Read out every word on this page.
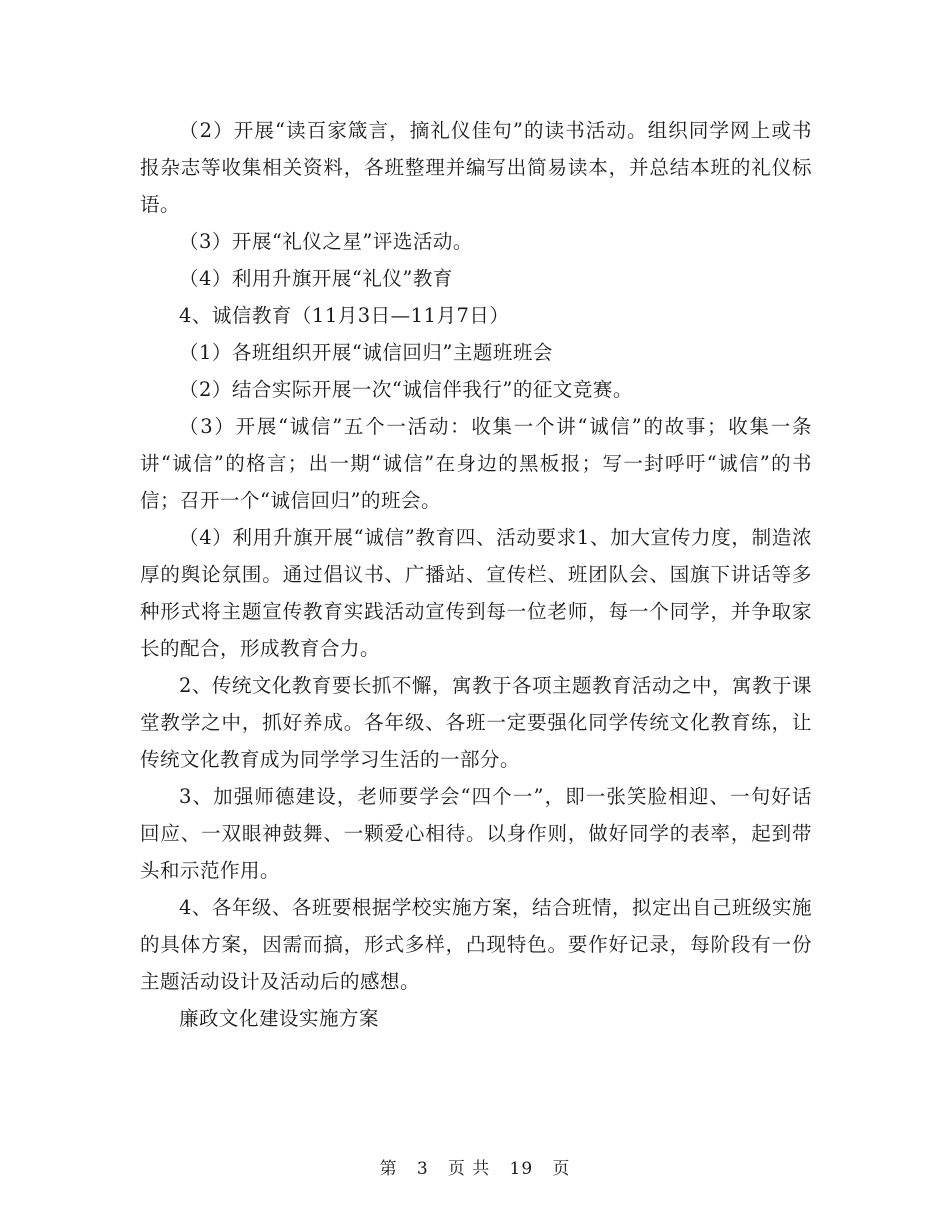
（2）开展“读百家箴言，摘礼仪佳句”的读书活动。组织同学网上或书报杂志等收集相关资料，各班整理并编写出简易读本，并总结本班的礼仪标语。

（3）开展“礼仪之星”评选活动。

（4）利用升旗开展“礼仪”教育

4、诚信教育（11月3日—11月7日）

（1）各班组织开展“诚信回归”主题班班会

（2）结合实际开展一次“诚信伴我行”的征文竞赛。

（3）开展“诚信”五个一活动：收集一个讲“诚信”的故事；收集一条讲“诚信”的格言；出一期“诚信”在身边的黑板报；写一封呼吁“诚信”的书信；召开一个“诚信回归”的班会。

（4）利用升旗开展“诚信”教育四、活动要求1、加大宣传力度，制造浓厚的舆论氛围。通过倡议书、广播站、宣传栏、班团队会、国旗下讲话等多种形式将主题宣传教育实践活动宣传到每一位老师，每一个同学，并争取家长的配合，形成教育合力。

2、传统文化教育要长抓不懈，寓教于各项主题教育活动之中，寓教于课堂教学之中，抓好养成。各年级、各班一定要强化同学传统文化教育练，让传统文化教育成为同学学习生活的一部分。

3、加强师德建设，老师要学会“四个一”，即一张笑脸相迎、一句好话回应、一双眼神鼓舞、一颗爱心相待。以身作则，做好同学的表率，起到带头和示范作用。

4、各年级、各班要根据学校实施方案，结合班情，拟定出自己班级实施的具体方案，因需而搞，形式多样，凸现特色。要作好记录，每阶段有一份主题活动设计及活动后的感想。

廉政文化建设实施方案

第 3 页 共 19 页
